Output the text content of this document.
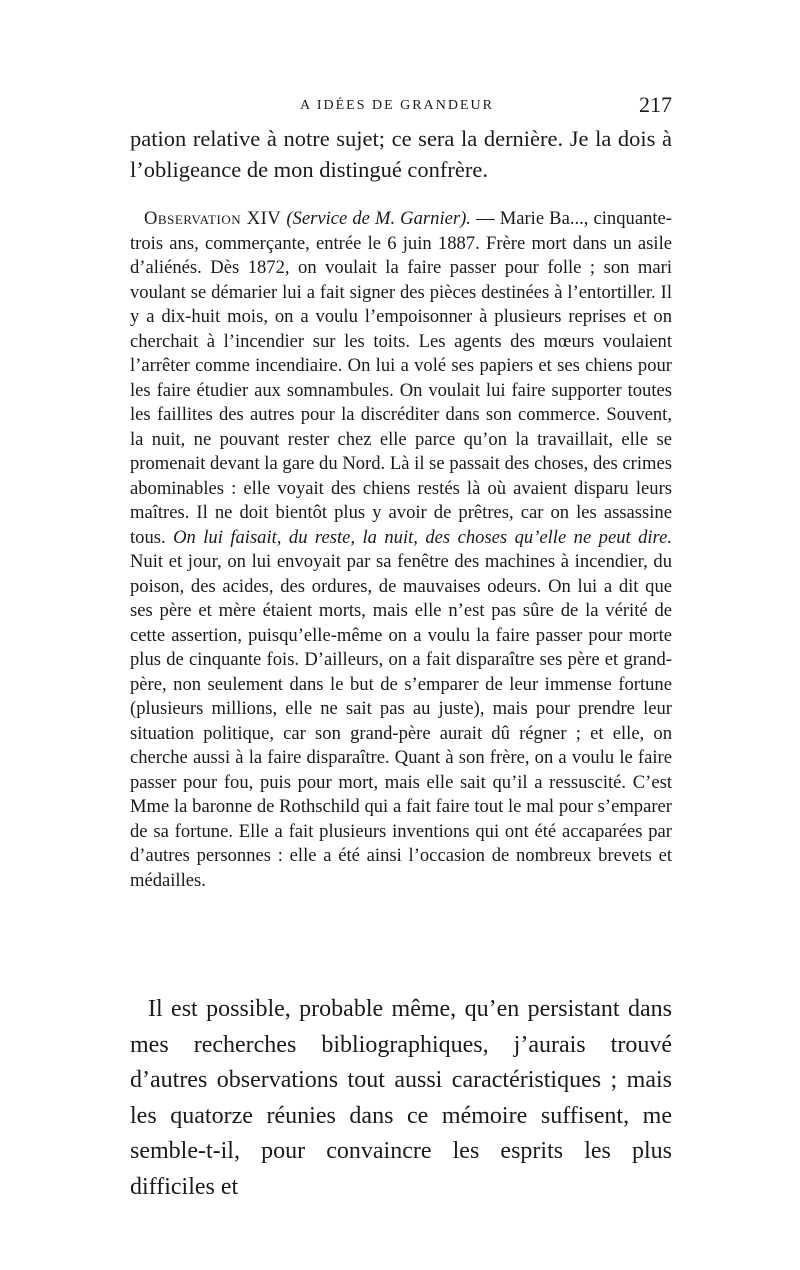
A IDÉES DE GRANDEUR	217

pation relative à notre sujet; ce sera la dernière. Je la dois à l’obligeance de mon distingué confrère.

Observation XIV (Service de M. Garnier). — Marie Ba..., cinquante-trois ans, commerçante, entrée le 6 juin 1887. Frère mort dans un asile d’aliénés. Dès 1872, on voulait la faire passer pour folle ; son mari voulant se démarier lui a fait signer des pièces destinées à l’entortiller. Il y a dix-huit mois, on a voulu l’empoisonner à plusieurs reprises et on cherchait à l’incendier sur les toits. Les agents des mœurs voulaient l’arrêter comme incendiaire. On lui a volé ses papiers et ses chiens pour les faire étudier aux somnambules. On voulait lui faire supporter toutes les faillites des autres pour la discréditer dans son commerce. Souvent, la nuit, ne pouvant rester chez elle parce qu’on la travaillait, elle se promenait devant la gare du Nord. Là il se passait des choses, des crimes abominables : elle voyait des chiens restés là où avaient disparu leurs maîtres. Il ne doit bientôt plus y avoir de prêtres, car on les assassine tous. On lui faisait, du reste, la nuit, des choses qu’elle ne peut dire. Nuit et jour, on lui envoyait par sa fenêtre des machines à incendier, du poison, des acides, des ordures, de mauvaises odeurs. On lui a dit que ses père et mère étaient morts, mais elle n’est pas sûre de la vérité de cette assertion, puisqu’elle-même on a voulu la faire passer pour morte plus de cinquante fois. D’ailleurs, on a fait disparaître ses père et grand-père, non seulement dans le but de s’emparer de leur immense fortune (plusieurs millions, elle ne sait pas au juste), mais pour prendre leur situation politique, car son grand-père aurait dû régner ; et elle, on cherche aussi à la faire disparaître. Quant à son frère, on a voulu le faire passer pour fou, puis pour mort, mais elle sait qu’il a ressuscité. C’est Mme la baronne de Rothschild qui a fait faire tout le mal pour s’emparer de sa fortune. Elle a fait plusieurs inventions qui ont été accaparées par d’autres personnes : elle a été ainsi l’occasion de nombreux brevets et médailles.

Il est possible, probable même, qu’en persistant dans mes recherches bibliographiques, j’aurais trouvé d’autres observations tout aussi caractéristiques ; mais les quatorze réunies dans ce mémoire suffisent, me semble-t-il, pour convaincre les esprits les plus difficiles et
